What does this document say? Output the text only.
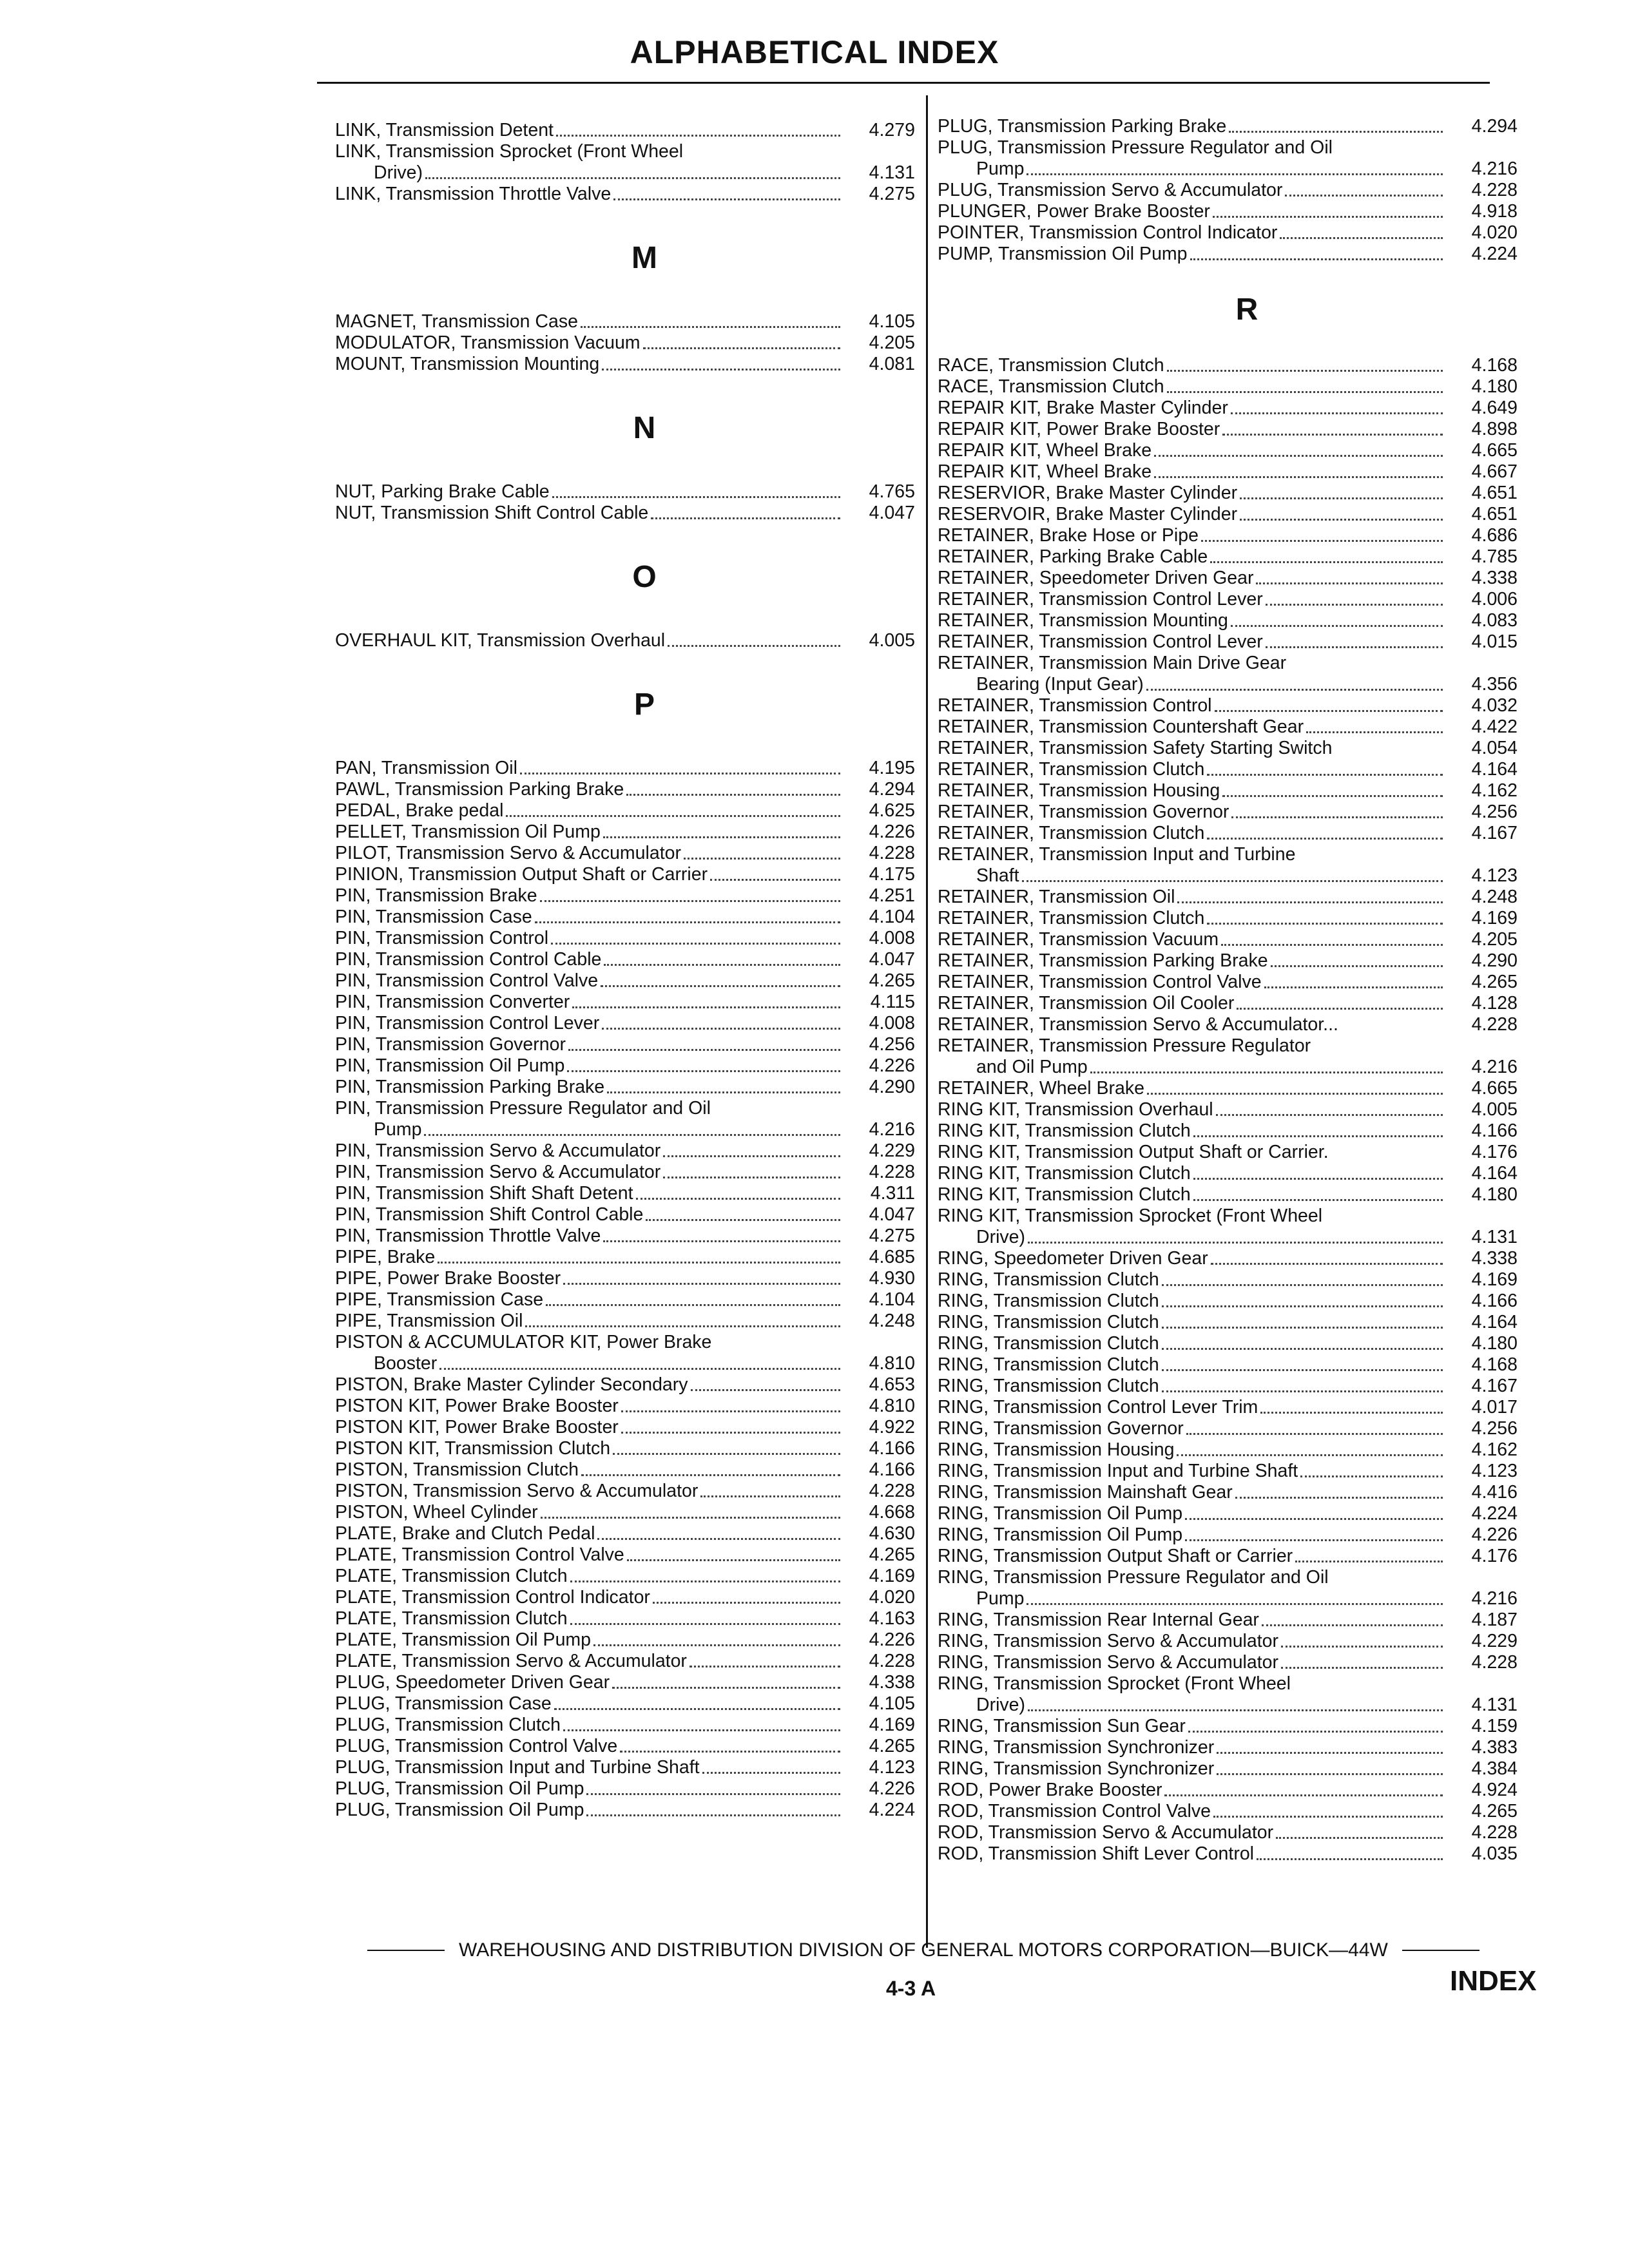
ALPHABETICAL INDEX
LINK, Transmission Detent	4.279
LINK, Transmission Sprocket (Front Wheel
Drive)	4.131
LINK, Transmission Throttle Valve	4.275
M
MAGNET, Transmission Case	4.105
MODULATOR, Transmission Vacuum	4.205
MOUNT, Transmission Mounting	4.081
N
NUT, Parking Brake Cable	4.765
NUT, Transmission Shift Control Cable	4.047
O
OVERHAUL KIT, Transmission Overhaul	4.005
P
PAN, Transmission Oil	4.195
PAWL, Transmission Parking Brake	4.294
PEDAL, Brake pedal	4.625
PELLET, Transmission Oil Pump	4.226
PILOT, Transmission Servo & Accumulator	4.228
PINION, Transmission Output Shaft or Carrier	4.175
PIN, Transmission Brake	4.251
PIN, Transmission Case	4.104
PIN, Transmission Control	4.008
PIN, Transmission Control Cable	4.047
PIN, Transmission Control Valve	4.265
PIN, Transmission Converter	4.115
PIN, Transmission Control Lever	4.008
PIN, Transmission Governor	4.256
PIN, Transmission Oil Pump	4.226
PIN, Transmission Parking Brake	4.290
PIN, Transmission Pressure Regulator and Oil
Pump	4.216
PIN, Transmission Servo & Accumulator	4.229
PIN, Transmission Servo & Accumulator	4.228
PIN, Transmission Shift Shaft Detent	4.311
PIN, Transmission Shift Control Cable	4.047
PIN, Transmission Throttle Valve	4.275
PIPE, Brake	4.685
PIPE, Power Brake Booster	4.930
PIPE, Transmission Case	4.104
PIPE, Transmission Oil	4.248
PISTON & ACCUMULATOR KIT, Power Brake
Booster	4.810
PISTON, Brake Master Cylinder Secondary	4.653
PISTON KIT, Power Brake Booster	4.810
PISTON KIT, Power Brake Booster	4.922
PISTON KIT, Transmission Clutch	4.166
PISTON, Transmission Clutch	4.166
PISTON, Transmission Servo & Accumulator	4.228
PISTON, Wheel Cylinder	4.668
PLATE, Brake and Clutch Pedal	4.630
PLATE, Transmission Control Valve	4.265
PLATE, Transmission Clutch	4.169
PLATE, Transmission Control Indicator	4.020
PLATE, Transmission Clutch	4.163
PLATE, Transmission Oil Pump	4.226
PLATE, Transmission Servo & Accumulator	4.228
PLUG, Speedometer Driven Gear	4.338
PLUG, Transmission Case	4.105
PLUG, Transmission Clutch	4.169
PLUG, Transmission Control Valve	4.265
PLUG, Transmission Input and Turbine Shaft	4.123
PLUG, Transmission Oil Pump	4.226
PLUG, Transmission Oil Pump	4.224
PLUG, Transmission Parking Brake	4.294
PLUG, Transmission Pressure Regulator and Oil
Pump	4.216
PLUG, Transmission Servo & Accumulator	4.228
PLUNGER, Power Brake Booster	4.918
POINTER, Transmission Control Indicator	4.020
PUMP, Transmission Oil Pump	4.224
R
RACE, Transmission Clutch	4.168
RACE, Transmission Clutch	4.180
REPAIR KIT, Brake Master Cylinder	4.649
REPAIR KIT, Power Brake Booster	4.898
REPAIR KIT, Wheel Brake	4.665
REPAIR KIT, Wheel Brake	4.667
RESERVIOR, Brake Master Cylinder	4.651
RESERVOIR, Brake Master Cylinder	4.651
RETAINER, Brake Hose or Pipe	4.686
RETAINER, Parking Brake Cable	4.785
RETAINER, Speedometer Driven Gear	4.338
RETAINER, Transmission Control Lever	4.006
RETAINER, Transmission Mounting	4.083
RETAINER, Transmission Control Lever	4.015
RETAINER, Transmission Main Drive Gear
Bearing (Input Gear)	4.356
RETAINER, Transmission Control	4.032
RETAINER, Transmission Countershaft Gear	4.422
RETAINER, Transmission Safety Starting Switch	4.054
RETAINER, Transmission Clutch	4.164
RETAINER, Transmission Housing	4.162
RETAINER, Transmission Governor	4.256
RETAINER, Transmission Clutch	4.167
RETAINER, Transmission Input and Turbine
Shaft	4.123
RETAINER, Transmission Oil	4.248
RETAINER, Transmission Clutch	4.169
RETAINER, Transmission Vacuum	4.205
RETAINER, Transmission Parking Brake	4.290
RETAINER, Transmission Control Valve	4.265
RETAINER, Transmission Oil Cooler	4.128
RETAINER, Transmission Servo & Accumulator...	4.228
RETAINER, Transmission Pressure Regulator
and Oil Pump	4.216
RETAINER, Wheel Brake	4.665
RING KIT, Transmission Overhaul	4.005
RING KIT, Transmission Clutch	4.166
RING KIT, Transmission Output Shaft or Carrier.	4.176
RING KIT, Transmission Clutch	4.164
RING KIT, Transmission Clutch	4.180
RING KIT, Transmission Sprocket (Front Wheel
Drive)	4.131
RING, Speedometer Driven Gear	4.338
RING, Transmission Clutch	4.169
RING, Transmission Clutch	4.166
RING, Transmission Clutch	4.164
RING, Transmission Clutch	4.180
RING, Transmission Clutch	4.168
RING, Transmission Clutch	4.167
RING, Transmission Control Lever Trim	4.017
RING, Transmission Governor	4.256
RING, Transmission Housing	4.162
RING, Transmission Input and Turbine Shaft	4.123
RING, Transmission Mainshaft Gear	4.416
RING, Transmission Oil Pump	4.224
RING, Transmission Oil Pump	4.226
RING, Transmission Output Shaft or Carrier	4.176
RING, Transmission Pressure Regulator and Oil
Pump	4.216
RING, Transmission Rear Internal Gear	4.187
RING, Transmission Servo & Accumulator	4.229
RING, Transmission Servo & Accumulator	4.228
RING, Transmission Sprocket (Front Wheel
Drive)	4.131
RING, Transmission Sun Gear	4.159
RING, Transmission Synchronizer	4.383
RING, Transmission Synchronizer	4.384
ROD, Power Brake Booster	4.924
ROD, Transmission Control Valve	4.265
ROD, Transmission Servo & Accumulator	4.228
ROD, Transmission Shift Lever Control	4.035
WAREHOUSING AND DISTRIBUTION DIVISION OF GENERAL MOTORS CORPORATION—BUICK—44W
4-3 A	INDEX
